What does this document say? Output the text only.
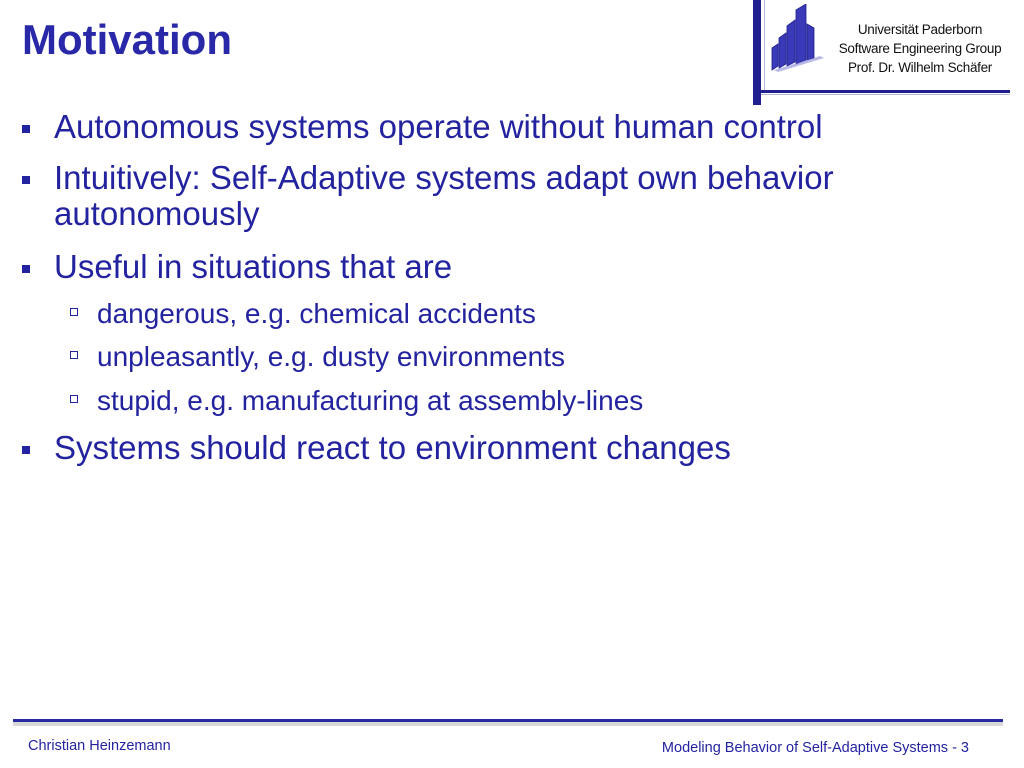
Motivation	Universität Paderborn
Software Engineering Group
Prof. Dr. Wilhelm Schäfer
Autonomous systems operate without human control
Intuitively: Self-Adaptive systems adapt own behavior
autonomously
Useful in situations that are
dangerous, e.g. chemical accidents
unpleasantly, e.g. dusty environments
stupid, e.g. manufacturing at assembly-lines
Systems should react to environment changes
Christian Heinzemann	Modeling Behavior of Self-Adaptive Systems - 3
